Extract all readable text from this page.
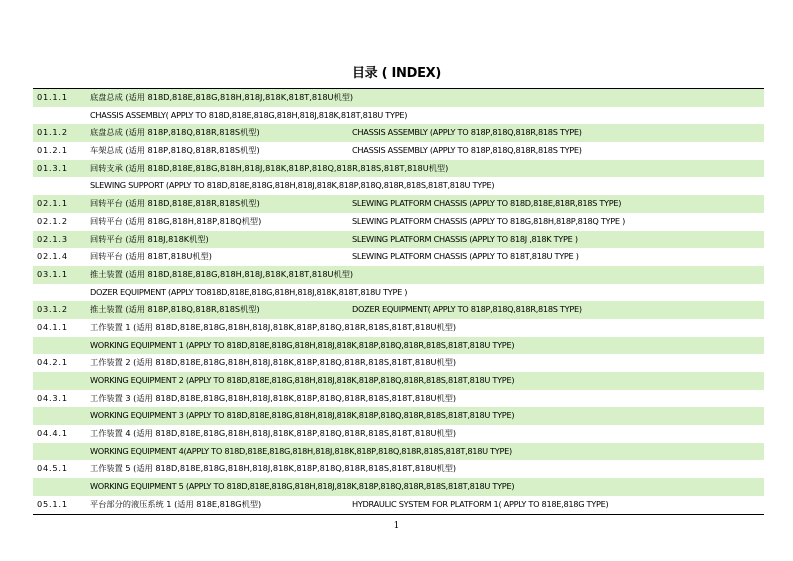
目录 ( INDEX)
01.1.1	底盘总成 (适用 818D,818E,818G,818H,818J,818K,818T,818U机型)
CHASSIS ASSEMBLY( APPLY TO 818D,818E,818G,818H,818J,818K,818T,818U TYPE)
01.1.2	底盘总成 (适用 818P,818Q,818R,818S机型)	CHASSIS ASSEMBLY (APPLY TO 818P,818Q,818R,818S TYPE)
01.2.1	车架总成 (适用 818P,818Q,818R,818S机型)	CHASSIS ASSEMBLY (APPLY TO 818P,818Q,818R,818S TYPE)
01.3.1	回转支承 (适用 818D,818E,818G,818H,818J,818K,818P,818Q,818R,818S,818T,818U机型)
SLEWING SUPPORT (APPLY TO 818D,818E,818G,818H,818J,818K,818P,818Q,818R,818S,818T,818U TYPE)
02.1.1	回转平台 (适用 818D,818E,818R,818S机型)	SLEWING PLATFORM CHASSIS (APPLY TO 818D,818E,818R,818S TYPE)
02.1.2	回转平台 (适用 818G,818H,818P,818Q机型)	SLEWING PLATFORM CHASSIS (APPLY TO 818G,818H,818P,818Q TYPE )
02.1.3	回转平台 (适用 818J,818K机型)	SLEWING PLATFORM CHASSIS (APPLY TO 818J ,818K TYPE )
02.1.4	回转平台 (适用 818T,818U机型)	SLEWING PLATFORM CHASSIS (APPLY TO 818T,818U TYPE )
03.1.1	推土装置 (适用 818D,818E,818G,818H,818J,818K,818T,818U机型)
DOZER EQUIPMENT (APPLY TO818D,818E,818G,818H,818J,818K,818T,818U TYPE )
03.1.2	推土装置 (适用 818P,818Q,818R,818S机型)	DOZER EQUIPMENT( APPLY TO 818P,818Q,818R,818S TYPE)
04.1.1	工作装置 1 (适用 818D,818E,818G,818H,818J,818K,818P,818Q,818R,818S,818T,818U机型)
WORKING EQUIPMENT 1 (APPLY TO 818D,818E,818G,818H,818J,818K,818P,818Q,818R,818S,818T,818U TYPE)
04.2.1	工作装置 2 (适用 818D,818E,818G,818H,818J,818K,818P,818Q,818R,818S,818T,818U机型)
WORKING EQUIPMENT 2 (APPLY TO 818D,818E,818G,818H,818J,818K,818P,818Q,818R,818S,818T,818U TYPE)
04.3.1	工作装置 3 (适用 818D,818E,818G,818H,818J,818K,818P,818Q,818R,818S,818T,818U机型)
WORKING EQUIPMENT 3 (APPLY TO 818D,818E,818G,818H,818J,818K,818P,818Q,818R,818S,818T,818U TYPE)
04.4.1	工作装置 4 (适用 818D,818E,818G,818H,818J,818K,818P,818Q,818R,818S,818T,818U机型)
WORKING EQUIPMENT 4(APPLY TO 818D,818E,818G,818H,818J,818K,818P,818Q,818R,818S,818T,818U TYPE)
04.5.1	工作装置 5 (适用 818D,818E,818G,818H,818J,818K,818P,818Q,818R,818S,818T,818U机型)
WORKING EQUIPMENT 5 (APPLY TO 818D,818E,818G,818H,818J,818K,818P,818Q,818R,818S,818T,818U TYPE)
05.1.1	平台部分的液压系统 1 (适用 818E,818G机型)	HYDRAULIC SYSTEM FOR PLATFORM 1( APPLY TO 818E,818G TYPE)
1
